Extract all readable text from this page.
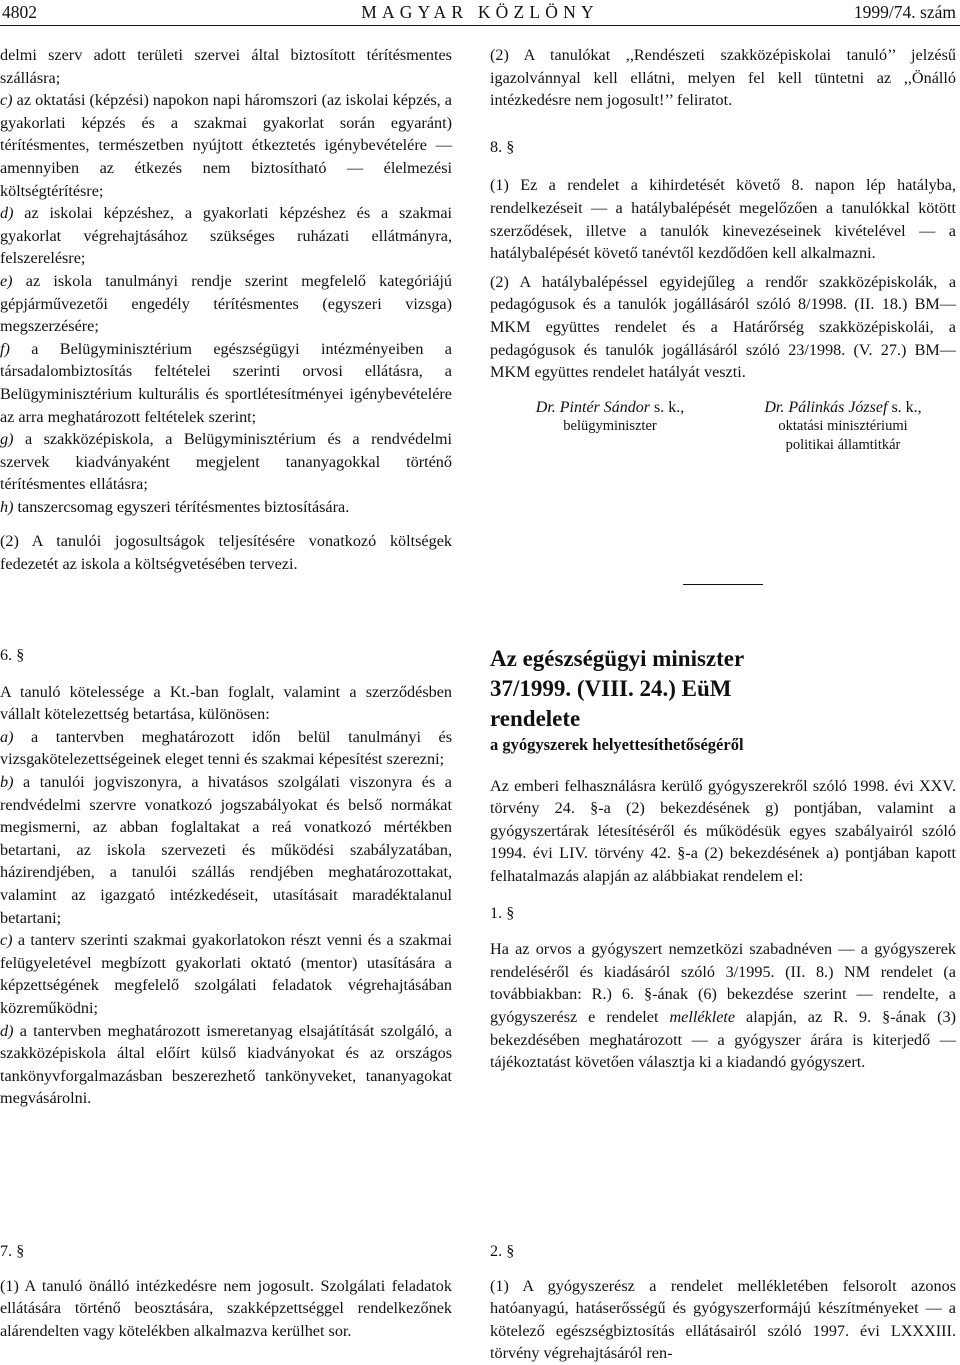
4802	MAGYAR KÖZLÖNY	1999/74. szám

delmi szerv adott területi szervei által biztosított térítésmentes szállásra;

c) az oktatási (képzési) napokon napi háromszori (az iskolai képzés, a gyakorlati képzés és a szakmai gyakorlat során egyaránt) térítésmentes, természetben nyújtott étkeztetés igénybevételére — amennyiben az étkezés nem biztosítható — élelmezési költségtérítésre;

d) az iskolai képzéshez, a gyakorlati képzéshez és a szakmai gyakorlat végrehajtásához szükséges ruházati ellátmányra, felszerelésre;

e) az iskola tanulmányi rendje szerint megfelelő kategóriájú gépjárművezetői engedély térítésmentes (egyszeri vizsga) megszerzésére;

f) a Belügyminisztérium egészségügyi intézményeiben a társadalombiztosítás feltételei szerinti orvosi ellátásra, a Belügyminisztérium kulturális és sportlétesítményei igénybevételére az arra meghatározott feltételek szerint;

g) a szakközépiskola, a Belügyminisztérium és a rendvédelmi szervek kiadványaként megjelent tananyagokkal történő térítésmentes ellátásra;

h) tanszercsomag egyszeri térítésmentes biztosítására.

(2) A tanulói jogosultságok teljesítésére vonatkozó költségek fedezetét az iskola a költségvetésében tervezi.

(2) A tanulókat ,,Rendészeti szakközépiskolai tanuló’’ jelzésű igazolvánnyal kell ellátni, melyen fel kell tüntetni az ,,Önálló intézkedésre nem jogosult!’’ feliratot.

8. §

(1) Ez a rendelet a kihirdetését követő 8. napon lép hatályba, rendelkezéseit — a hatálybalépését megelőzően a tanulókkal kötött szerződések, illetve a tanulók kinevezéseinek kivételével — a hatálybalépését követő tanévtől kezdődően kell alkalmazni.

(2) A hatálybalépéssel egyidejűleg a rendőr szakközépiskolák, a pedagógusok és a tanulók jogállásáról szóló 8/1998. (II. 18.) BM—MKM együttes rendelet és a Határőrség szakközépiskolái, a pedagógusok és tanulók jogállásáról szóló 23/1998. (V. 27.) BM—MKM együttes rendelet hatályát veszti.

Dr. Pintér Sándor s. k.,
belügyminiszter
Dr. Pálinkás József s. k.,
oktatási minisztériumi
politikai államtitkár

6. §

A tanuló kötelessége a Kt.-ban foglalt, valamint a szerződésben vállalt kötelezettség betartása, különösen:

a) a tantervben meghatározott időn belül tanulmányi és vizsgakötelezettségeinek eleget tenni és szakmai képesítést szerezni;

b) a tanulói jogviszonyra, a hivatásos szolgálati viszonyra és a rendvédelmi szervre vonatkozó jogszabályokat és belső normákat megismerni, az abban foglaltakat a reá vonatkozó mértékben betartani, az iskola szervezeti és működési szabályzatában, házirendjében, a tanulói szállás rendjében meghatározottakat, valamint az igazgató intézkedéseit, utasításait maradéktalanul betartani;

c) a tanterv szerinti szakmai gyakorlatokon részt venni és a szakmai felügyeletével megbízott gyakorlati oktató (mentor) utasítására a képzettségének megfelelő szolgálati feladatok végrehajtásában közreműködni;

d) a tantervben meghatározott ismeretanyag elsajátítását szolgáló, a szakközépiskola által előírt külső kiadványokat és az országos tankönyvforgalmazásban beszerezhető tankönyveket, tananyagokat megvásárolni.

Az egészségügyi miniszter

37/1999. (VIII. 24.) EüM

rendelete

a gyógyszerek helyettesíthetőségéről

Az emberi felhasználásra kerülő gyógyszerekről szóló 1998. évi XXV. törvény 24. §-a (2) bekezdésének g) pontjában, valamint a gyógyszertárak létesítéséről és működésük egyes szabályairól szóló 1994. évi LIV. törvény 42. §-a (2) bekezdésének a) pontjában kapott felhatalmazás alapján az alábbiakat rendelem el:

1. §

Ha az orvos a gyógyszert nemzetközi szabadnéven — a gyógyszerek rendeléséről és kiadásáról szóló 3/1995. (II. 8.) NM rendelet (a továbbiakban: R.) 6. §-ának (6) bekezdése szerint — rendelte, a gyógyszerész e rendelet melléklete alapján, az R. 9. §-ának (3) bekezdésében meghatározott — a gyógyszer árára is kiterjedő — tájékoztatást követően választja ki a kiadandó gyógyszert.

7. §

(1) A tanuló önálló intézkedésre nem jogosult. Szolgálati feladatok ellátására történő beosztására, szakképzettséggel rendelkezőnek alárendelten vagy kötelékben alkalmazva kerülhet sor.

2. §

(1) A gyógyszerész a rendelet mellékletében felsorolt azonos hatóanyagú, hatáserősségű és gyógyszerformájú készítményeket — a kötelező egészségbiztosítás ellátásairól szóló 1997. évi LXXXIII. törvény végrehajtásáról ren-
